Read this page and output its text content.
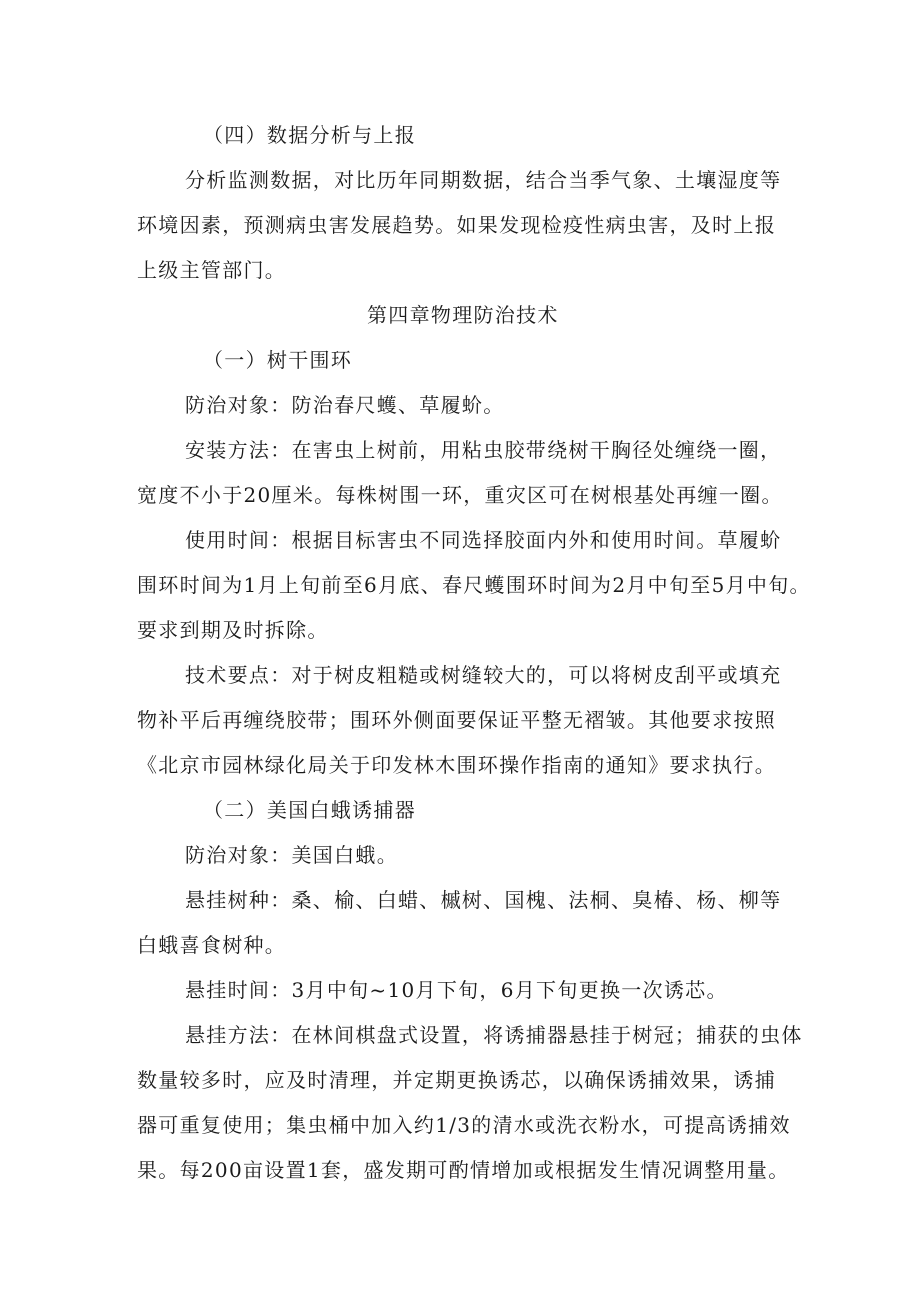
（四）数据分析与上报
分析监测数据，对比历年同期数据，结合当季气象、土壤湿度等
环境因素，预测病虫害发展趋势。如果发现检疫性病虫害，及时上报
上级主管部门。
第四章物理防治技术
（一）树干围环
防治对象：防治春尺蠖、草履蚧。
安装方法：在害虫上树前，用粘虫胶带绕树干胸径处缠绕一圈，
宽度不小于20厘米。每株树围一环，重灾区可在树根基处再缠一圈。
使用时间：根据目标害虫不同选择胶面内外和使用时间。草履蚧
围环时间为1月上旬前至6月底、春尺蠖围环时间为2月中旬至5月中旬。
要求到期及时拆除。
技术要点：对于树皮粗糙或树缝较大的，可以将树皮刮平或填充
物补平后再缠绕胶带；围环外侧面要保证平整无褶皱。其他要求按照
《北京市园林绿化局关于印发林木围环操作指南的通知》要求执行。
（二）美国白蛾诱捕器
防治对象：美国白蛾。
悬挂树种：桑、榆、白蜡、槭树、国槐、法桐、臭椿、杨、柳等
白蛾喜食树种。
悬挂时间：3月中旬~10月下旬，6月下旬更换一次诱芯。
悬挂方法：在林间棋盘式设置，将诱捕器悬挂于树冠；捕获的虫体
数量较多时，应及时清理，并定期更换诱芯，以确保诱捕效果，诱捕
器可重复使用；集虫桶中加入约1/3的清水或洗衣粉水，可提高诱捕效
果。每200亩设置1套，盛发期可酌情增加或根据发生情况调整用量。
